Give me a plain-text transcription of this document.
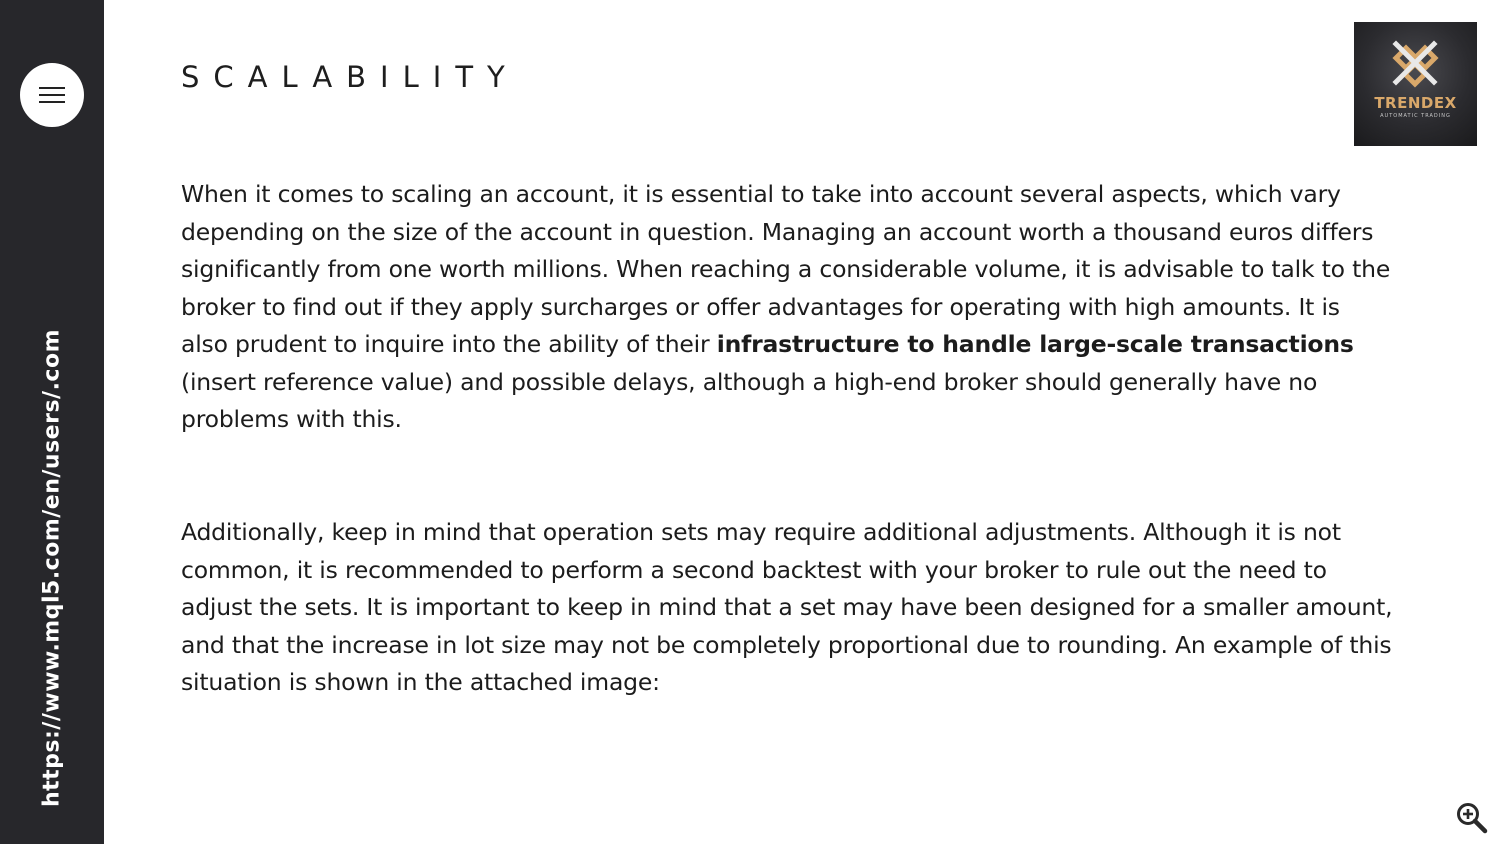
https://www.mql5.com/en/users/.com
SCALABILITY
TRENDEX
AUTOMATIC TRADING

When it comes to scaling an account, it is essential to take into account several aspects, which vary depending on the size of the account in question. Managing an account worth a thousand euros differs significantly from one worth millions. When reaching a considerable volume, it is advisable to talk to the broker to find out if they apply surcharges or offer advantages for operating with high amounts. It is also prudent to inquire into the ability of their infrastructure to handle large-scale transactions (insert reference value) and possible delays, although a high-end broker should generally have no problems with this.

Additionally, keep in mind that operation sets may require additional adjustments. Although it is not common, it is recommended to perform a second backtest with your broker to rule out the need to adjust the sets. It is important to keep in mind that a set may have been designed for a smaller amount, and that the increase in lot size may not be completely proportional due to rounding. An example of this situation is shown in the attached image:
